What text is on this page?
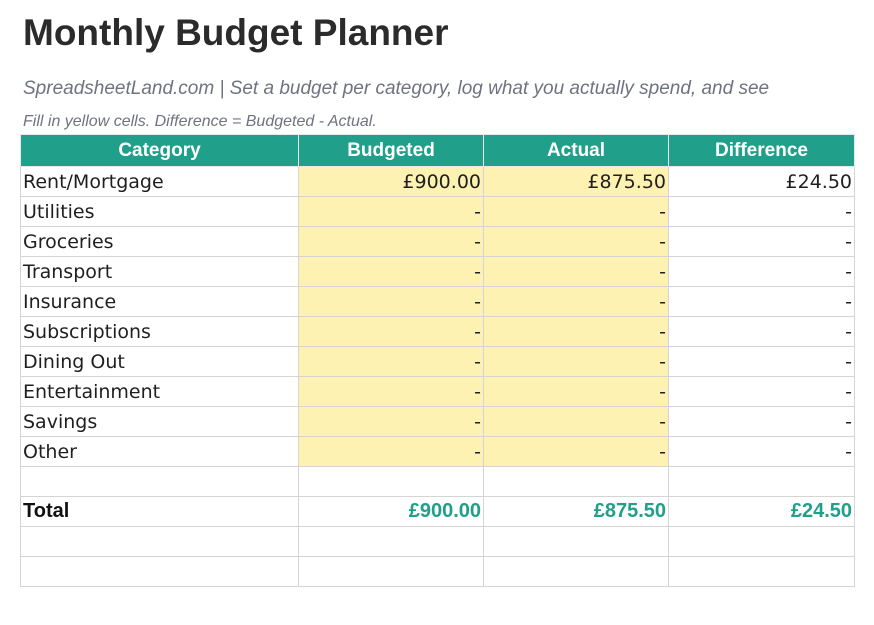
Monthly Budget Planner
SpreadsheetLand.com | Set a budget per category, log what you actually spend, and see
Fill in yellow cells. Difference = Budgeted - Actual.
Category	Budgeted	Actual	Difference
Rent/Mortgage	£900.00	£875.50	£24.50
Utilities	-	-	-
Groceries	-	-	-
Transport	-	-	-
Insurance	-	-	-
Subscriptions	-	-	-
Dining Out	-	-	-
Entertainment	-	-	-
Savings	-	-	-
Other	-	-	-

Total	£900.00	£875.50	£24.50
